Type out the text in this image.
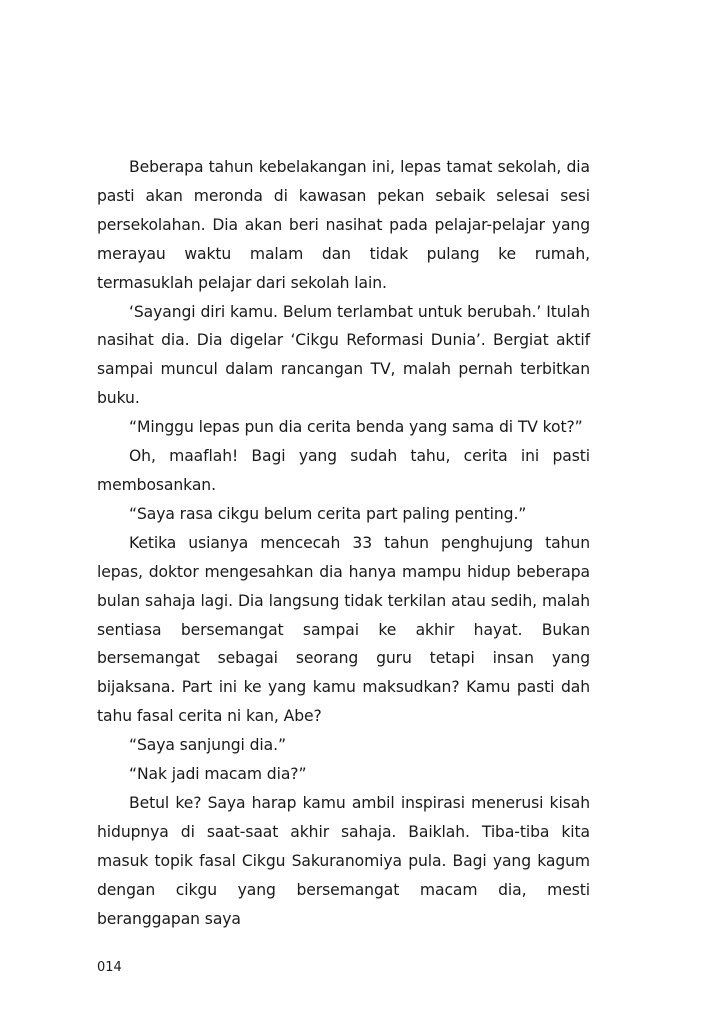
Beberapa tahun kebelakangan ini, lepas tamat sekolah, dia pasti akan meronda di kawasan pekan sebaik selesai sesi persekolahan. Dia akan beri nasihat pada pelajar-pelajar yang merayau waktu malam dan tidak pulang ke rumah, termasuklah pelajar dari sekolah lain.

‘Sayangi diri kamu. Belum terlambat untuk berubah.’ Itulah nasihat dia. Dia digelar ‘Cikgu Reformasi Dunia’. Bergiat aktif sampai muncul dalam rancangan TV, malah pernah terbitkan buku.

“Minggu lepas pun dia cerita benda yang sama di TV kot?”

Oh, maaflah! Bagi yang sudah tahu, cerita ini pasti membosankan.

“Saya rasa cikgu belum cerita part paling penting.”

Ketika usianya mencecah 33 tahun penghujung tahun lepas, doktor mengesahkan dia hanya mampu hidup beberapa bulan sahaja lagi. Dia langsung tidak terkilan atau sedih, malah sentiasa bersemangat sampai ke akhir hayat. Bukan bersemangat sebagai seorang guru tetapi insan yang bijaksana. Part ini ke yang kamu maksudkan? Kamu pasti dah tahu fasal cerita ni kan, Abe?

“Saya sanjungi dia.”

“Nak jadi macam dia?”

Betul ke? Saya harap kamu ambil inspirasi menerusi kisah hidupnya di saat-saat akhir sahaja. Baiklah. Tiba-tiba kita masuk topik fasal Cikgu Sakuranomiya pula. Bagi yang kagum dengan cikgu yang bersemangat macam dia, mesti beranggapan saya

014
